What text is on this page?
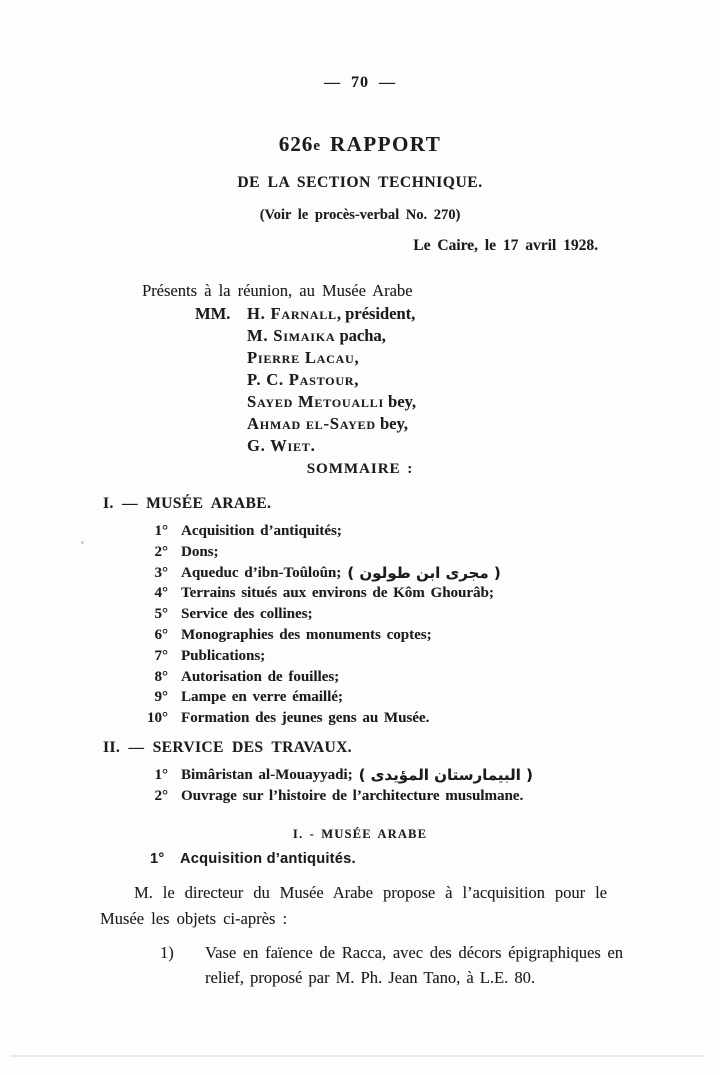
— 70 —
626e RAPPORT
DE LA SECTION TECHNIQUE.
(Voir le procès-verbal No. 270)
Le Caire, le 17 avril 1928.
Présents à la réunion, au Musée Arabe
MM.	H. Farnall , président,
M. Simaika pacha,
Pierre Lacau ,
P. C. Pastour ,
Sayed Metoualli bey,
Ahmad el-Sayed bey,
G. Wiet .
SOMMAIRE :
I. — MUSÉE ARABE.
1° Acquisition d’antiquités;
2° Dons;
3° Aqueduc d’ibn-Toûloûn; ( مجرى ابن طولون )
4° Terrains situés aux environs de Kôm Ghourâb;
5° Service des collines;
6° Monographies des monuments coptes;
7° Publications;
8° Autorisation de fouilles;
9° Lampe en verre émaillé;
10° Formation des jeunes gens au Musée.
II. — SERVICE DES TRAVAUX.
1° Bimâristan al-Mouayyadi; ( البيمارستان المؤيدى )
2° Ouvrage sur l’histoire de l’architecture musulmane.
I. - MUSÉE ARABE
1°	Acquisition d’antiquités.
M. le directeur du Musée Arabe propose à l’acquisition pour le Musée les objets ci-après :
1)	Vase en faïence de Racca, avec des décors épigraphiques en relief, proposé par M. Ph. Jean Tano, à L.E. 80.
